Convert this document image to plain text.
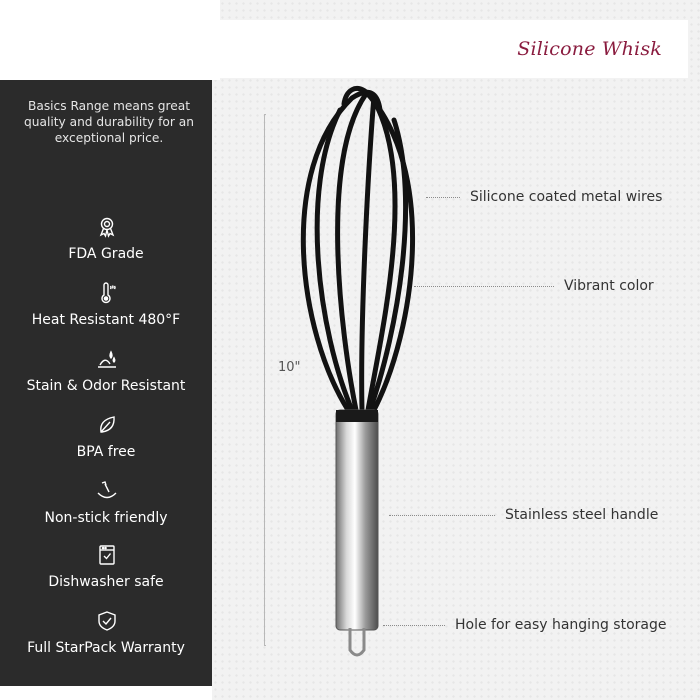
Silicone Whisk
Basics Range means great quality and durability for an exceptional price.
FDA Grade
Heat Resistant 480°F
Stain & Odor Resistant
BPA free
Non-stick friendly
Dishwasher safe
Full StarPack Warranty
10"
Silicone coated metal wires
Vibrant color
Stainless steel handle
Hole for easy hanging storage
